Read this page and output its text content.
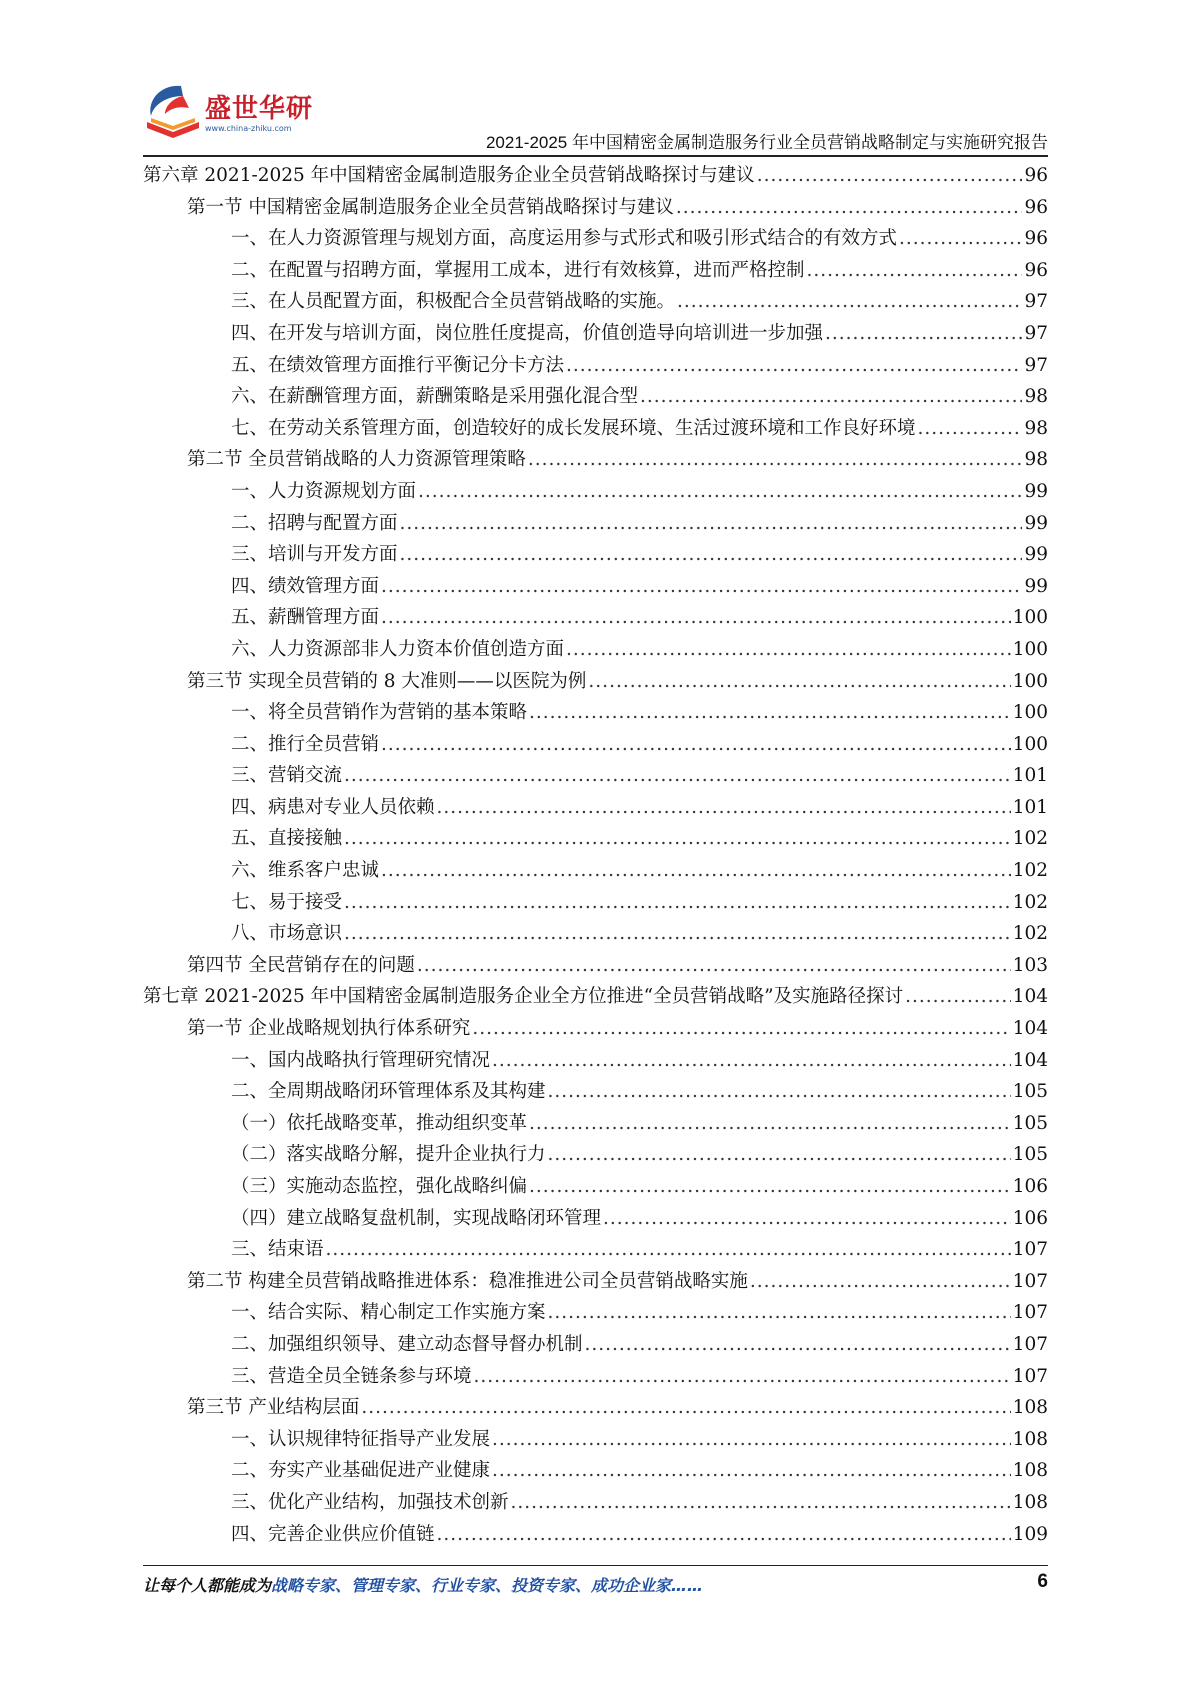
盛世华研
www.china-zhiku.com
2021-2025 年中国精密金属制造服务行业全员营销战略制定与实施研究报告
第六章 2021-2025 年中国精密金属制造服务企业全员营销战略探讨与建议 .....	96
第一节 中国精密金属制造服务企业全员营销战略探讨与建议 .....	96
一、在人力资源管理与规划方面，高度运用参与式形式和吸引形式结合的有效方式 .....	96
二、在配置与招聘方面，掌握用工成本，进行有效核算，进而严格控制 .....	96
三、在人员配置方面，积极配合全员营销战略的实施。 .....	97
四、在开发与培训方面，岗位胜任度提高，价值创造导向培训进一步加强 .....	97
五、在绩效管理方面推行平衡记分卡方法 .....	97
六、在薪酬管理方面，薪酬策略是采用强化混合型 .....	98
七、在劳动关系管理方面，创造较好的成长发展环境、生活过渡环境和工作良好环境 .....	98
第二节 全员营销战略的人力资源管理策略 .....	98
一、人力资源规划方面 .....	99
二、招聘与配置方面 .....	99
三、培训与开发方面 .....	99
四、绩效管理方面 .....	99
五、薪酬管理方面 .....	100
六、人力资源部非人力资本价值创造方面 .....	100
第三节 实现全员营销的 8 大准则——以医院为例 .....	100
一、将全员营销作为营销的基本策略 .....	100
二、推行全员营销 .....	100
三、营销交流 .....	101
四、病患对专业人员依赖 .....	101
五、直接接触 .....	102
六、维系客户忠诚 .....	102
七、易于接受 .....	102
八、市场意识 .....	102
第四节 全民营销存在的问题 .....	103
第七章 2021-2025 年中国精密金属制造服务企业全方位推进“全员营销战略”及实施路径探讨 .....	104
第一节 企业战略规划执行体系研究 .....	104
一、国内战略执行管理研究情况 .....	104
二、全周期战略闭环管理体系及其构建 .....	105
（一）依托战略变革，推动组织变革 .....	105
（二）落实战略分解，提升企业执行力 .....	105
（三）实施动态监控，强化战略纠偏 .....	106
（四）建立战略复盘机制，实现战略闭环管理 .....	106
三、结束语 .....	107
第二节 构建全员营销战略推进体系：稳准推进公司全员营销战略实施 .....	107
一、结合实际、精心制定工作实施方案 .....	107
二、加强组织领导、建立动态督导督办机制 .....	107
三、营造全员全链条参与环境 .....	107
第三节 产业结构层面 .....	108
一、认识规律特征指导产业发展 .....	108
二、夯实产业基础促进产业健康 .....	108
三、优化产业结构，加强技术创新 .....	108
四、完善企业供应价值链 .....	109
让每个人都能成为战略专家、管理专家、行业专家、投资专家、成功企业家……	6
